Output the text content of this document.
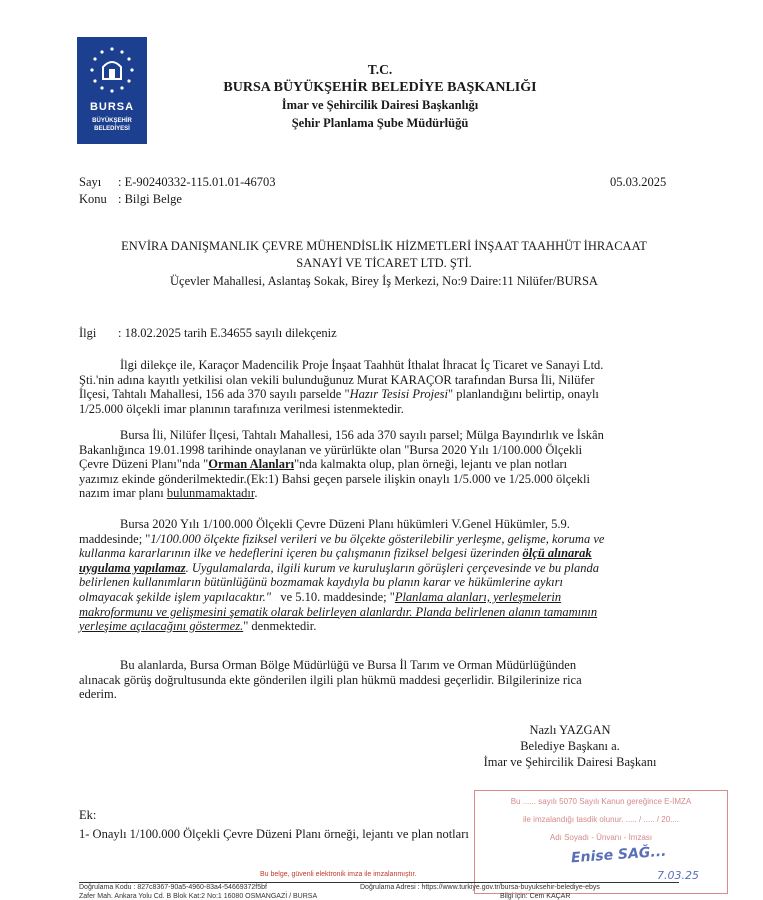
BURSA
BÜYÜKŞEHİR
BELEDİYESİ
T.C.
BURSA BÜYÜKŞEHİR BELEDİYE BAŞKANLIĞI
İmar ve Şehircilik Dairesi Başkanlığı
Şehir Planlama Şube Müdürlüğü
Sayı : E-90240332-115.01.01-46703	05.03.2025
Konu : Bilgi Belge
ENVİRA DANIŞMANLIK ÇEVRE MÜHENDİSLİK HİZMETLERİ İNŞAAT TAAHHÜT İHRACAAT
SANAYİ VE TİCARET LTD. ŞTİ.
Üçevler Mahallesi, Aslantaş Sokak, Birey İş Merkezi, No:9 Daire:11 Nilüfer/BURSA
İlgi : 18.02.2025 tarih E.34655 sayılı dilekçeniz
İlgi dilekçe ile, Karaçor Madencilik Proje İnşaat Taahhüt İthalat İhracat İç Ticaret ve Sanayi Ltd.
Şti.'nin adına kayıtlı yetkilisi olan vekili bulunduğunuz Murat KARAÇOR tarafından Bursa İli, Nilüfer
İlçesi, Tahtalı Mahallesi, 156 ada 370 sayılı parselde "Hazır Tesisi Projesi" planlandığını belirtip, onaylı
1/25.000 ölçekli imar planının tarafınıza verilmesi istenmektedir.
Bursa İli, Nilüfer İlçesi, Tahtalı Mahallesi, 156 ada 370 sayılı parsel; Mülga Bayındırlık ve İskân
Bakanlığınca 19.01.1998 tarihinde onaylanan ve yürürlükte olan "Bursa 2020 Yılı 1/100.000 Ölçekli
Çevre Düzeni Planı"nda "Orman Alanları"nda kalmakta olup, plan örneği, lejantı ve plan notları
yazımız ekinde gönderilmektedir.(Ek:1) Bahsi geçen parsele ilişkin onaylı 1/5.000 ve 1/25.000 ölçekli
nazım imar planı bulunmamaktadır.
Bursa 2020 Yılı 1/100.000 Ölçekli Çevre Düzeni Planı hükümleri V.Genel Hükümler, 5.9.
maddesinde; "1/100.000 ölçekte fiziksel verileri ve bu ölçekte gösterilebilir yerleşme, gelişme, koruma ve
kullanma kararlarının ilke ve hedeflerini içeren bu çalışmanın fiziksel belgesi üzerinden ölçü alınarak
uygulama yapılamaz. Uygulamalarda, ilgili kurum ve kuruluşların görüşleri çerçevesinde ve bu planda
belirlenen kullanımların bütünlüğünü bozmamak kaydıyla bu planın karar ve hükümlerine aykırı
olmayacak şekilde işlem yapılacaktır." ve 5.10. maddesinde; "Planlama alanları, yerleşmelerin
makroformunu ve gelişmesini şematik olarak belirleyen alanlardır. Planda belirlenen alanın tamamının
yerleşime açılacağını göstermez." denmektedir.
Bu alanlarda, Bursa Orman Bölge Müdürlüğü ve Bursa İl Tarım ve Orman Müdürlüğünden
alınacak görüş doğrultusunda ekte gönderilen ilgili plan hükmü maddesi geçerlidir. Bilgilerinize rica
ederim.
Nazlı YAZGAN
Belediye Başkanı a.
İmar ve Şehircilik Dairesi Başkanı
Ek:
1- Onaylı 1/100.000 Ölçekli Çevre Düzeni Planı örneği, lejantı ve plan notları
Bu ...... sayılı 5070 Sayılı Kanun gereğince E-İMZA
ile imzalandığı tasdik olunur. ..... / ..... / 20....
Adı Soyadı - Ünvanı - İmzası
Enise SAĞ...
7.03.25
Bu belge, güvenli elektronik imza ile imzalanmıştır.
Doğrulama Kodu : 827c8367-90a5-4960-83a4-54669372f5bf	Doğrulama Adresi : https://www.turkiye.gov.tr/bursa-buyuksehir-belediye-ebys
Zafer Mah. Ankara Yolu Cd. B Blok Kat:2 No:1 16080 OSMANGAZİ / BURSA	Bilgi için: Cem KAÇAR
